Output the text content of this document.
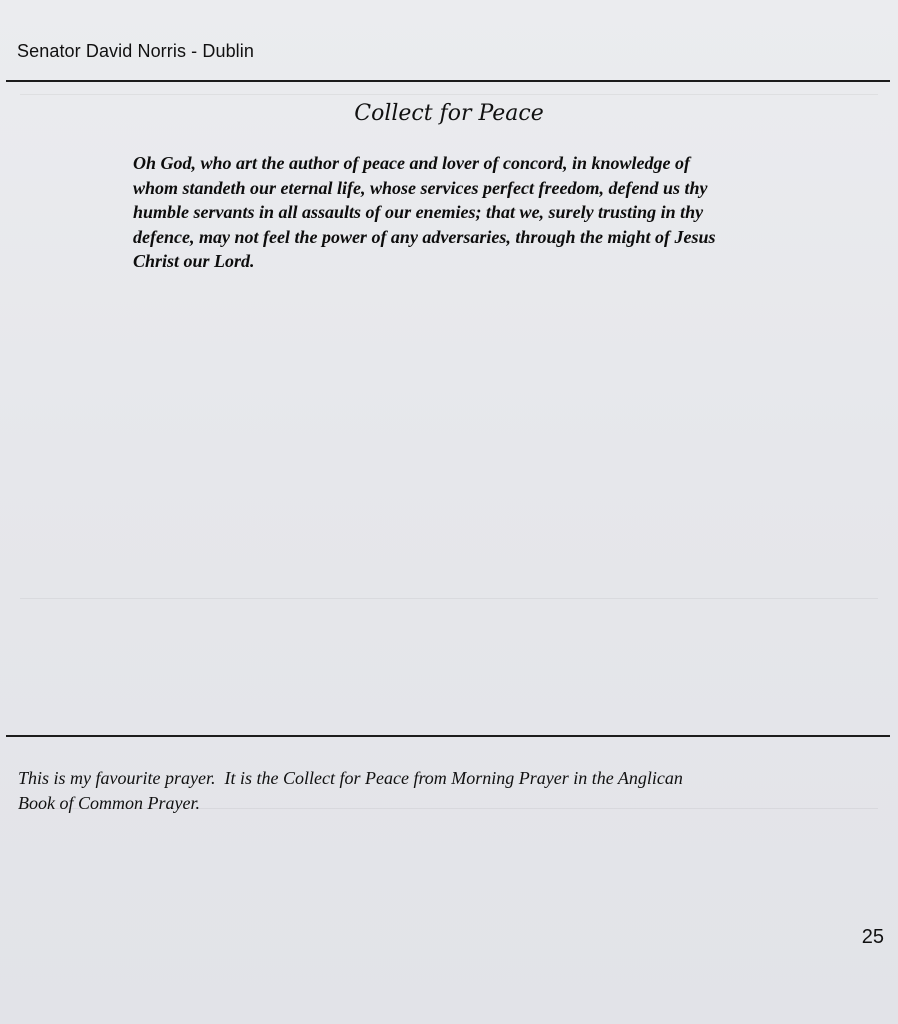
Senator David Norris - Dublin
Collect for Peace
Oh God, who art the author of peace and lover of concord, in knowledge of
whom standeth our eternal life, whose services perfect freedom, defend us thy
humble servants in all assaults of our enemies; that we, surely trusting in thy
defence, may not feel the power of any adversaries, through the might of Jesus
Christ our Lord.
This is my favourite prayer.  It is the Collect for Peace from Morning Prayer in the Anglican
Book of Common Prayer.
25
